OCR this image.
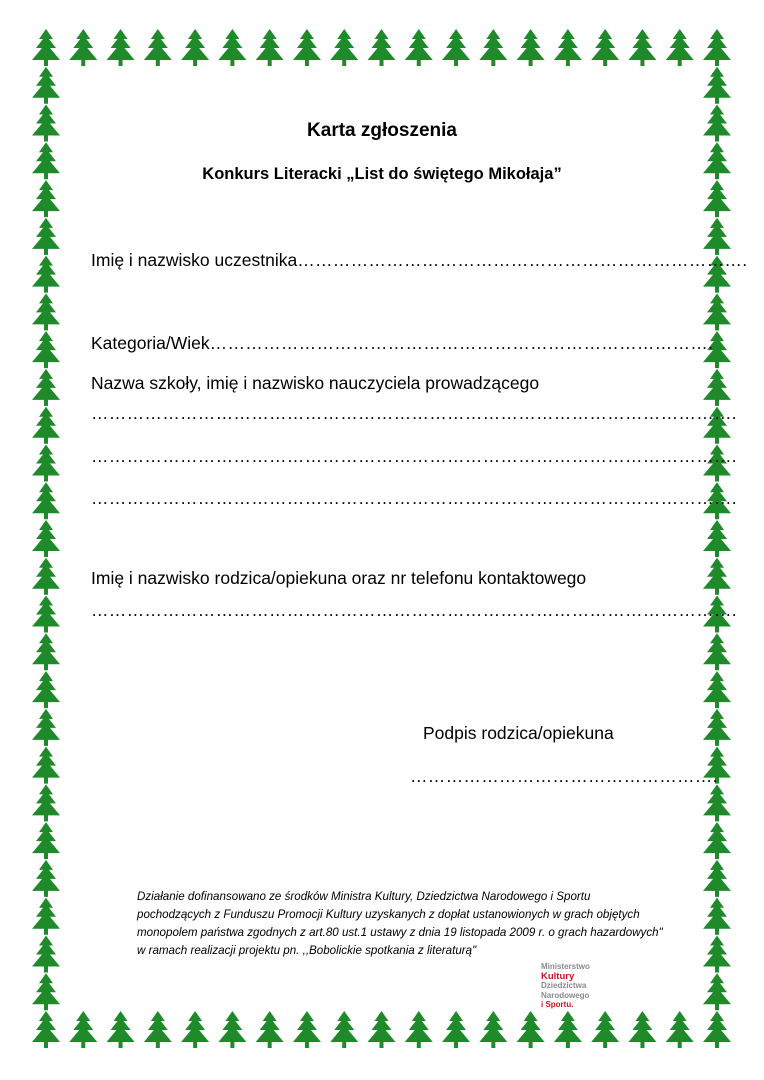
Karta zgłoszenia
Konkurs Literacki „List do świętego Mikołaja”
Imię i nazwisko uczestnika………………………………………………………………….
Kategoria/Wiek………………………………………………………………………….
Nazwa szkoły, imię i nazwisko nauczyciela prowadzącego
……………………………………………………………………………………………….
……………………………………………………………………………………………….
……………………………………………………………………………………………….
Imię i nazwisko rodzica/opiekuna oraz nr telefonu kontaktowego
……………………………………………………………………………………………….
Podpis rodzica/opiekuna
…………………………………………….

Działanie dofinansowano ze środków Ministra Kultury, Dziedzictwa Narodowego i Sportu pochodzących z Funduszu Promocji Kultury uzyskanych z dopłat ustanowionych w grach objętych monopolem państwa zgodnych z art.80 ust.1 ustawy z dnia 19 listopada 2009 r. o grach hazardowych" w ramach realizacji projektu pn. ,,Bobolickie spotkania z literaturą"

Ministerstwo
Kultury
Dziedzictwa
Narodowego
i Sportu.
